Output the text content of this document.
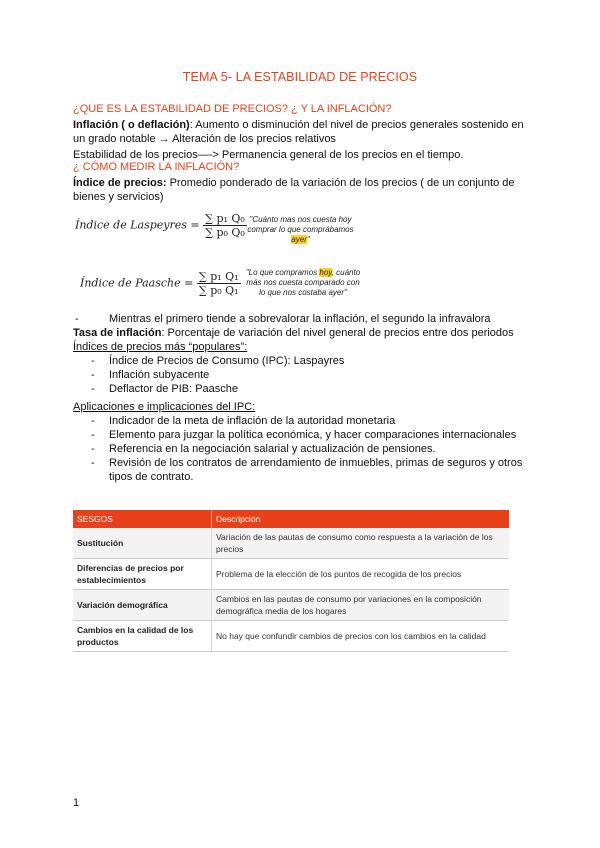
TEMA 5- LA ESTABILIDAD DE PRECIOS
¿QUE ES LA ESTABILIDAD DE PRECIOS? ¿ Y LA INFLACIÓN?
Inflación ( o deflación): Aumento o disminución del nivel de precios generales sostenido en un grado notable → Alteración de los precios relativos
Estabilidad de los precios—-> Permanencia general de los precios en el tiempo.
¿ CÓMO MEDIR LA INFLACIÓN?
Índice de precios: Promedio ponderado de la variación de los precios ( de un conjunto de bienes y servicios)
Índice de Laspeyres = $\frac{\text{∑ p₁ Q₀}}{\text{∑ p₀ Q₀}}$ "Cuánto mas nos cuesta hoy
comprar lo que comprábamos
ayer"
Índice de Paasche = $\frac{\text{∑ p₁ Q₁}}{\text{∑ p₀ Q₁}}$ "Lo que compramos hoy, cuánto
más nos cuesta comparado con
lo que nos costaba ayer"
- Mientras el primero tiende a sobrevalorar la inflación, el segundo la infravalora
Tasa de inflación: Porcentaje de variación del nivel general de precios entre dos periodos
Índices de precios más “populares”:
- Índice de Precios de Consumo (IPC): Laspayres
- Inflación subyacente
- Deflactor de PIB: Paasche
Aplicaciones e implicaciones del IPC:
- Indicador de la meta de inflación de la autoridad monetaria
- Elemento para juzgar la política económica, y hacer comparaciones internacionales
- Referencia en la negociación salarial y actualización de pensiones.
- Revisión de los contratos de arrendamiento de inmuebles, primas de seguros y otros tipos de contrato.
SESGOS	Descripción
Sustitución	Variación de las pautas de consumo como respuesta a la variación de los precios
Diferencias de precios por establecimientos	Problema de la elección de los puntos de recogida de los precios
Variación demográfica	Cambios en las pautas de consumo por variaciones en la composición demográfica media de los hogares
Cambios en la calidad de los productos	No hay que confundir cambios de precios con los cambios en la calidad
1
